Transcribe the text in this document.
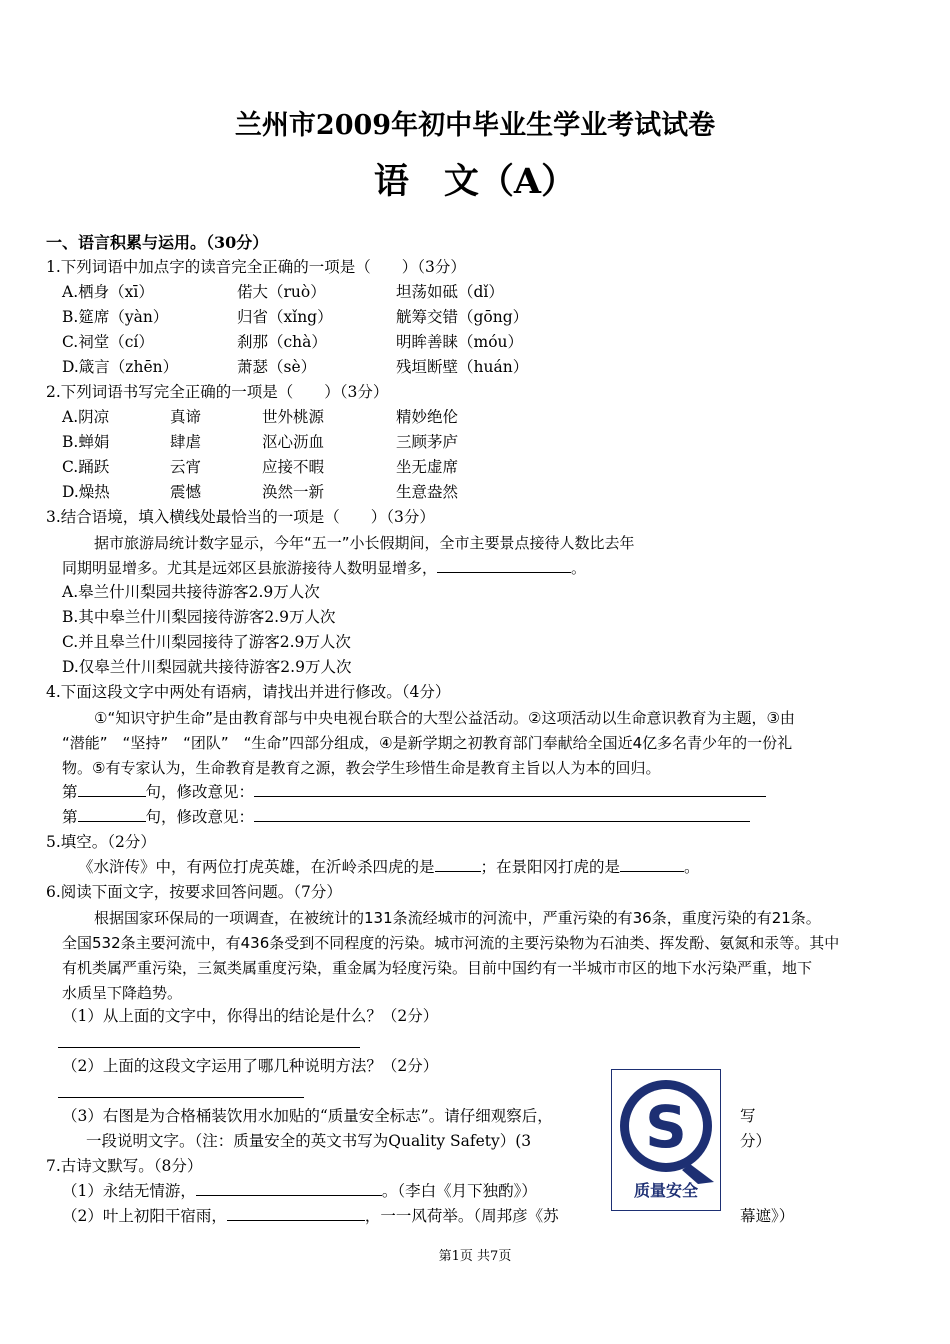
兰州市2009年初中毕业生学业考试试卷
语　文（A）
一、语言积累与运用。（30分）
1.下列词语中加点字的读音完全正确的一项是（　　）（3分）
A.栖身（xī）	偌大（ruò）	坦荡如砥（dǐ）
B.筵席（yàn）	归省（xǐng）	觥筹交错（gōng）
C.祠堂（cí）	刹那（chà）	明眸善睐（móu）
D.箴言（zhēn）	萧瑟（sè）	残垣断壁（huán）
2.下列词语书写完全正确的一项是（　　）（3分）
A.阴凉	真谛	世外桃源	精妙绝伦
B.蝉娟	肆虐	沤心沥血	三顾茅庐
C.踊跃	云宵	应接不暇	坐无虚席
D.燥热	震憾	涣然一新	生意盎然
3.结合语境，填入横线处最恰当的一项是（　　）（3分）
据市旅游局统计数字显示，今年“五一”小长假期间，全市主要景点接待人数比去年
同期明显增多。尤其是远郊区县旅游接待人数明显增多，	。
A.皋兰什川梨园共接待游客2.9万人次
B.其中皋兰什川梨园接待游客2.9万人次
C.并且皋兰什川梨园接待了游客2.9万人次
D.仅皋兰什川梨园就共接待游客2.9万人次
4.下面这段文字中两处有语病，请找出并进行修改。（4分）
①“知识守护生命”是由教育部与中央电视台联合的大型公益活动。②这项活动以生命意识教育为主题，③由
“潜能”　“坚持”　“团队”　“生命”四部分组成，④是新学期之初教育部门奉献给全国近4亿多名青少年的一份礼
物。⑤有专家认为，生命教育是教育之源，教会学生珍惜生命是教育主旨以人为本的回归。
第	句，修改意见：
第	句，修改意见：
5.填空。（2分）
《水浒传》中，有两位打虎英雄，在沂岭杀四虎的是	；在景阳冈打虎的是	。
6.阅读下面文字，按要求回答问题。（7分）
根据国家环保局的一项调查，在被统计的131条流经城市的河流中，严重污染的有36条，重度污染的有21条。
全国532条主要河流中，有436条受到不同程度的污染。城市河流的主要污染物为石油类、挥发酚、氨氮和汞等。其中
有机类属严重污染，三氮类属重度污染，重金属为轻度污染。目前中国约有一半城市市区的地下水污染严重，地下
水质呈下降趋势。
（1）从上面的文字中，你得出的结论是什么？（2分）
（2）上面的这段文字运用了哪几种说明方法？（2分）
（3）右图是为合格桶装饮用水加贴的“质量安全标志”。请仔细观察后，	写
一段说明文字。（注：质量安全的英文书写为Quality Safety）(3	分）
S
质量安全
7.古诗文默写。（8分）
（1）永结无情游，	。（李白《月下独酌》）
（2）叶上初阳干宿雨，	，一一风荷举。（周邦彦《苏	幕遮》）
第1页 共7页
